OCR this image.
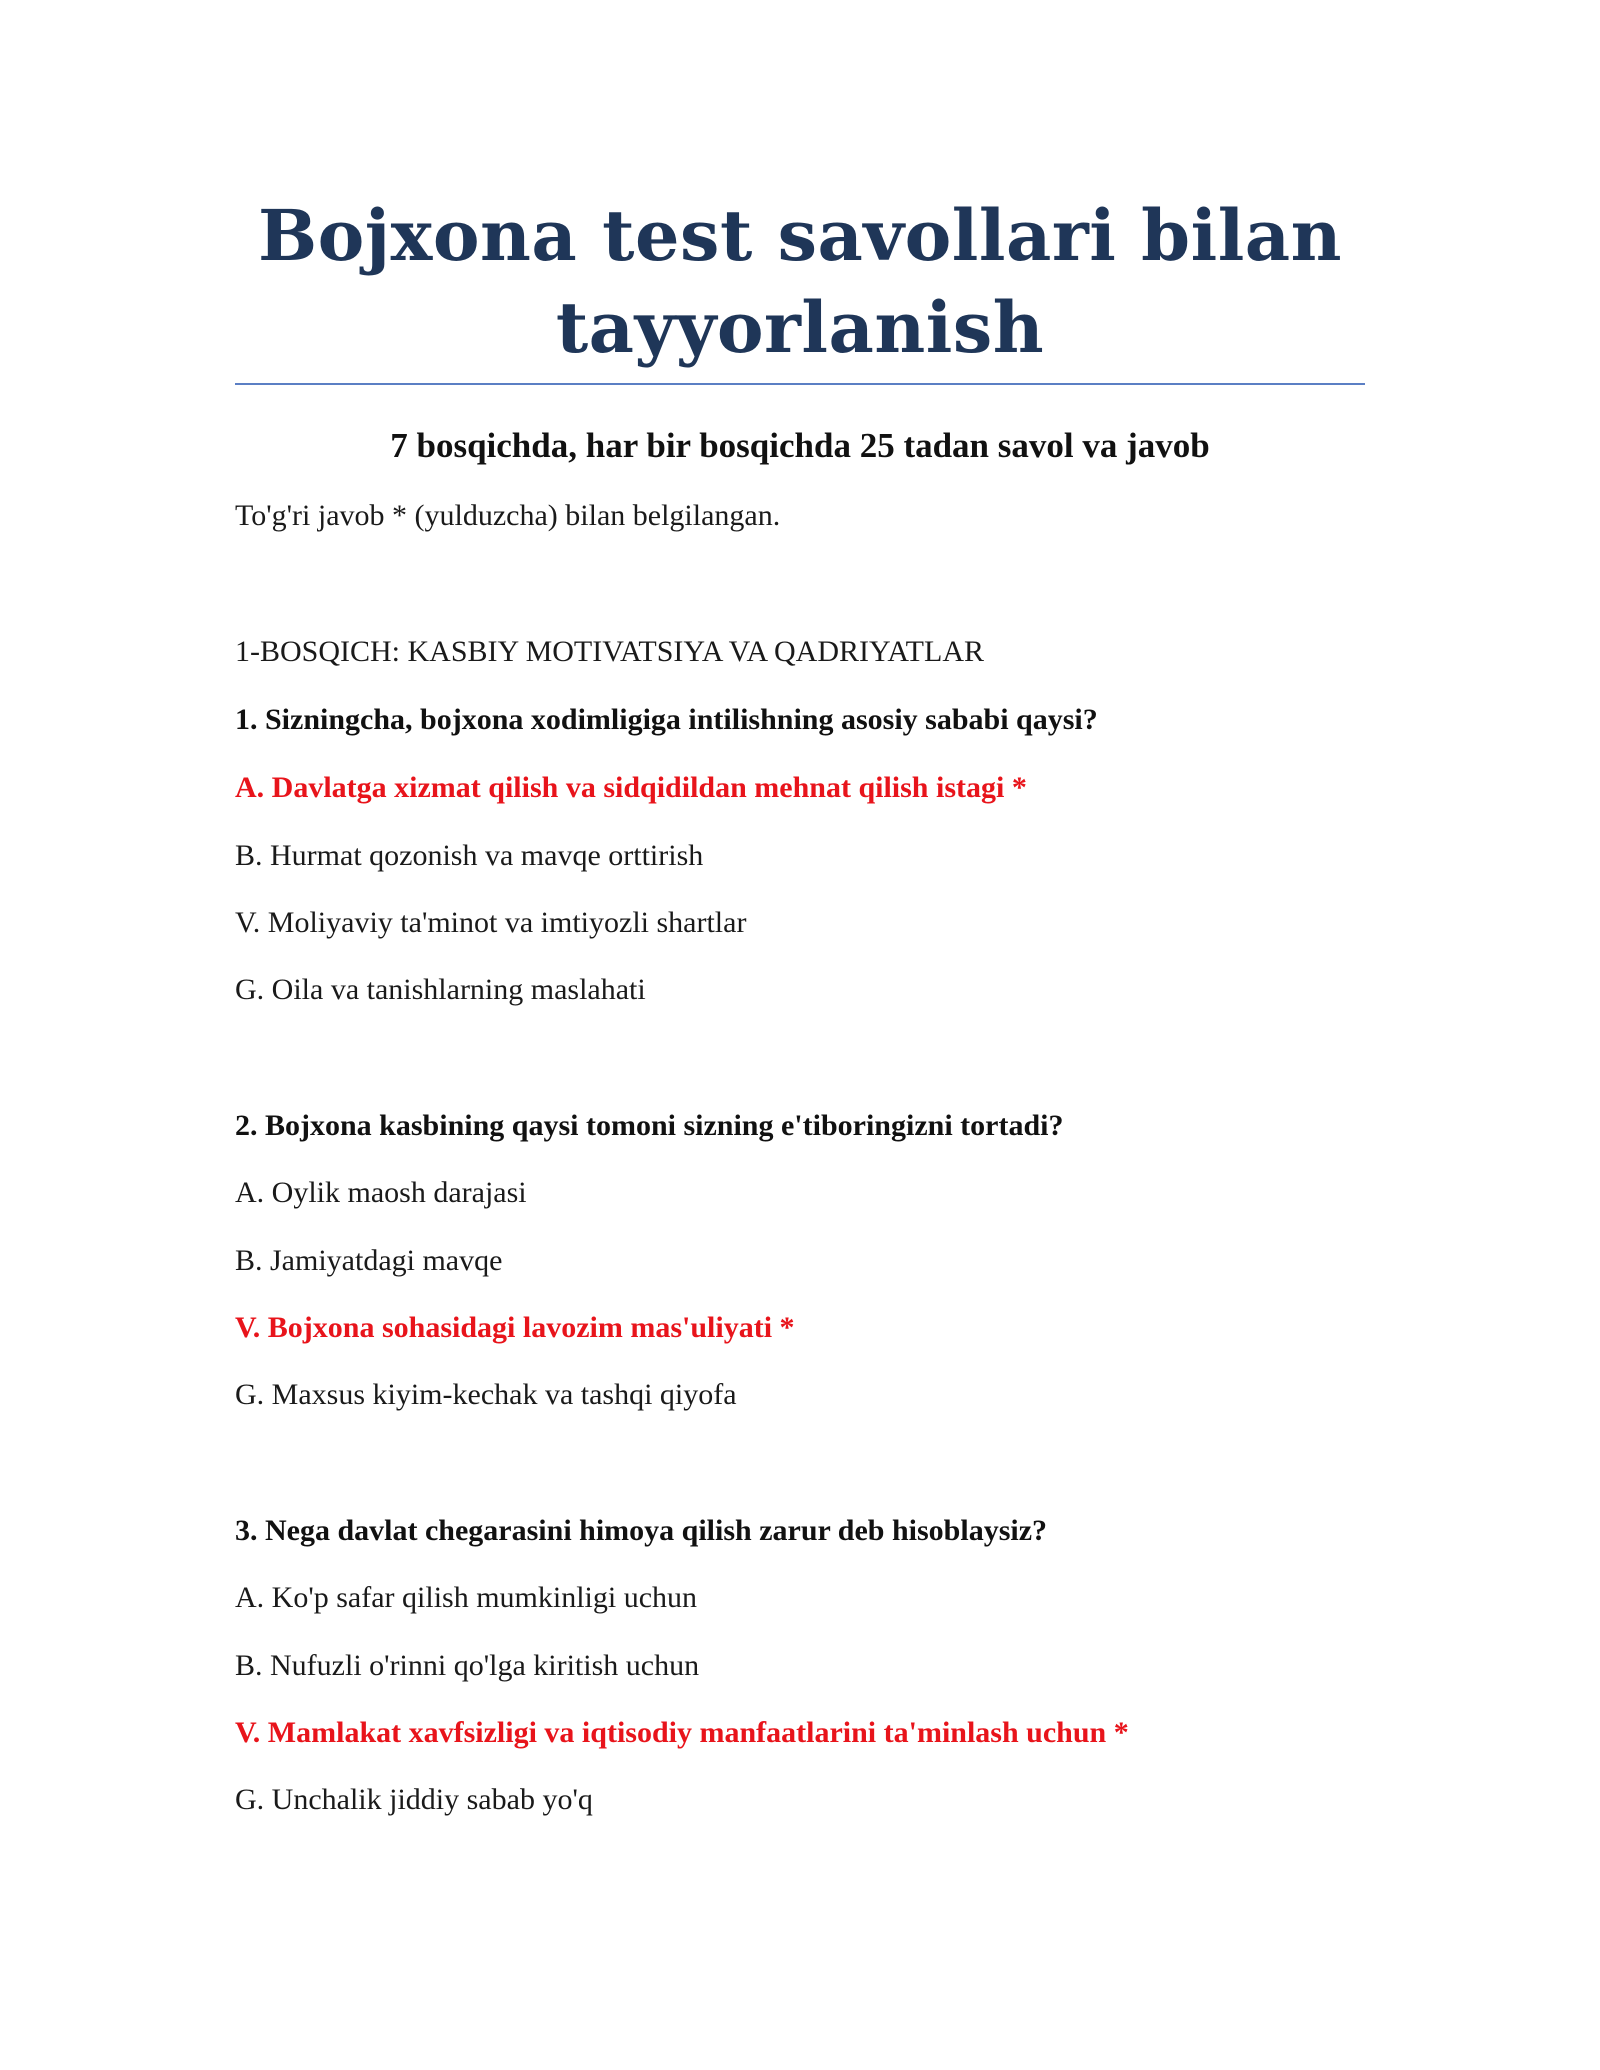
Bojxona test savollari bilan
tayyorlanish

7 bosqichda, har bir bosqichda 25 tadan savol va javob

To'g'ri javob * (yulduzcha) bilan belgilangan.

1-BOSQICH: KASBIY MOTIVATSIYA VA QADRIYATLAR

1. Sizningcha, bojxona xodimligiga intilishning asosiy sababi qaysi?

A. Davlatga xizmat qilish va sidqidildan mehnat qilish istagi *

B. Hurmat qozonish va mavqe orttirish

V. Moliyaviy ta'minot va imtiyozli shartlar

G. Oila va tanishlarning maslahati

2. Bojxona kasbining qaysi tomoni sizning e'tiboringizni tortadi?

A. Oylik maosh darajasi

B. Jamiyatdagi mavqe

V. Bojxona sohasidagi lavozim mas'uliyati *

G. Maxsus kiyim-kechak va tashqi qiyofa

3. Nega davlat chegarasini himoya qilish zarur deb hisoblaysiz?

A. Ko'p safar qilish mumkinligi uchun

B. Nufuzli o'rinni qo'lga kiritish uchun

V. Mamlakat xavfsizligi va iqtisodiy manfaatlarini ta'minlash uchun *

G. Unchalik jiddiy sabab yo'q
